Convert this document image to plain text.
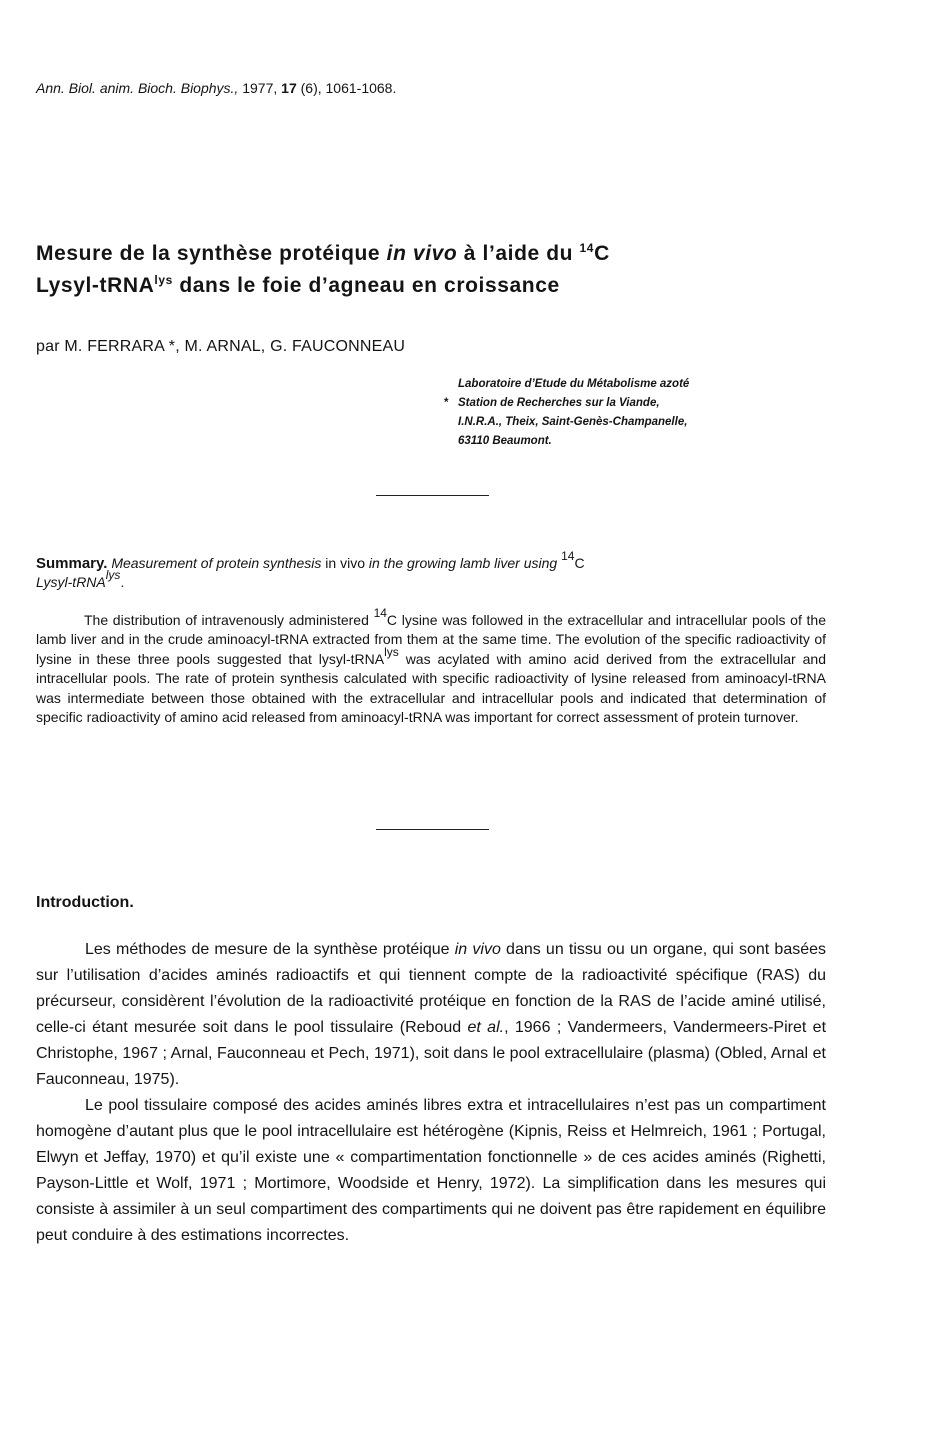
Ann. Biol. anim. Bioch. Biophys., 1977, 17 (6), 1061-1068.
Mesure de la synthèse protéique in vivo à l’aide du $^{14}$C
Lysyl-tRNA$^{lys}$ dans le foie d’agneau en croissance
par M. FERRARA *, M. ARNAL, G. FAUCONNEAU
Laboratoire d’Etude du Métabolisme azoté
* Station de Recherches sur la Viande,
I.N.R.A., Theix, Saint-Genès-Champanelle,
63110 Beaumont.
Summary. Measurement of protein synthesis in vivo in the growing lamb liver using $^{14}$C
Lysyl-tRNA$^{lys}$.

The distribution of intravenously administered $^{14}$C lysine was followed in the extracellular and intracellular pools of the lamb liver and in the crude aminoacyl-tRNA extracted from them at the same time. The evolution of the specific radioactivity of lysine in these three pools suggested that lysyl-tRNA$^{lys}$ was acylated with amino acid derived from the extracellular and intracellular pools. The rate of protein synthesis calculated with specific radioactivity of lysine released from aminoacyl-tRNA was intermediate between those obtained with the extracellular and intracellular pools and indicated that determination of specific radioactivity of amino acid released from aminoacyl-tRNA was important for correct assessment of protein turnover.

Introduction.

Les méthodes de mesure de la synthèse protéique in vivo dans un tissu ou un organe, qui sont basées sur l’utilisation d’acides aminés radioactifs et qui tiennent compte de la radioactivité spécifique (RAS) du précurseur, considèrent l’évolution de la radioactivité protéique en fonction de la RAS de l’acide aminé utilisé, celle-ci étant mesurée soit dans le pool tissulaire (Reboud et al., 1966 ; Vandermeers, Vandermeers-Piret et Christophe, 1967 ; Arnal, Fauconneau et Pech, 1971), soit dans le pool extracellulaire (plasma) (Obled, Arnal et Fauconneau, 1975).

Le pool tissulaire composé des acides aminés libres extra et intracellulaires n’est pas un compartiment homogène d’autant plus que le pool intracellulaire est hétérogène (Kipnis, Reiss et Helmreich, 1961 ; Portugal, Elwyn et Jeffay, 1970) et qu’il existe une « compartimentation fonctionnelle » de ces acides aminés (Righetti, Payson-Little et Wolf, 1971 ; Mortimore, Woodside et Henry, 1972). La simplification dans les mesures qui consiste à assimiler à un seul compartiment des compartiments qui ne doivent pas être rapidement en équilibre peut conduire à des estimations incorrectes.
